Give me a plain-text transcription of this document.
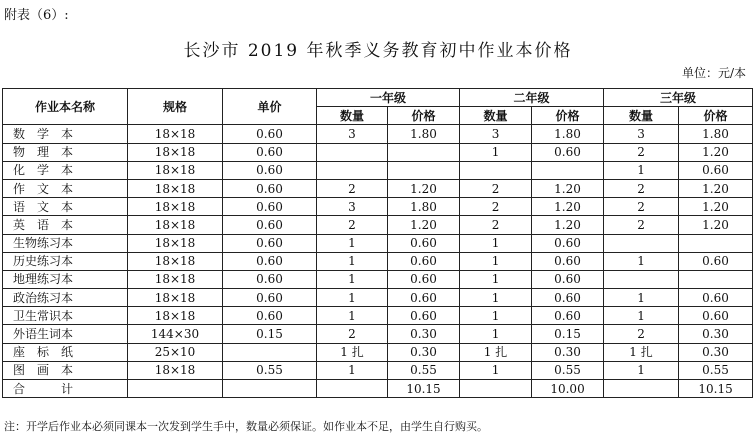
附表（6）:
长沙市 2019 年秋季义务教育初中作业本价格
单位：元/本
作业本名称	规格	单价	一年级		二年级		三年级	
			数量	价格	数量	价格	数量	价格
数　学　本	18×18	0.60	3	1.80	3	1.80	3	1.80
物　理　本	18×18	0.60			1	0.60	2	1.20
化　学　本	18×18	0.60					1	0.60
作　文　本	18×18	0.60	2	1.20	2	1.20	2	1.20
语　文　本	18×18	0.60	3	1.80	2	1.20	2	1.20
英　语　本	18×18	0.60	2	1.20	2	1.20	2	1.20
生物练习本	18×18	0.60	1	0.60	1	0.60		
历史练习本	18×18	0.60	1	0.60	1	0.60	1	0.60
地理练习本	18×18	0.60	1	0.60	1	0.60		
政治练习本	18×18	0.60	1	0.60	1	0.60	1	0.60
卫生常识本	18×18	0.60	1	0.60	1	0.60	1	0.60
外语生词本	144×30	0.15	2	0.30	1	0.15	2	0.30
座　标　纸	25×10		1 扎	0.30	1 扎	0.30	1 扎	0.30
图　画　本	18×18	0.55	1	0.55	1	0.55	1	0.55
合　　　计				10.15		10.00		10.15
注：开学后作业本必须同课本一次发到学生手中，数量必须保证。如作业本不足，由学生自行购买。
